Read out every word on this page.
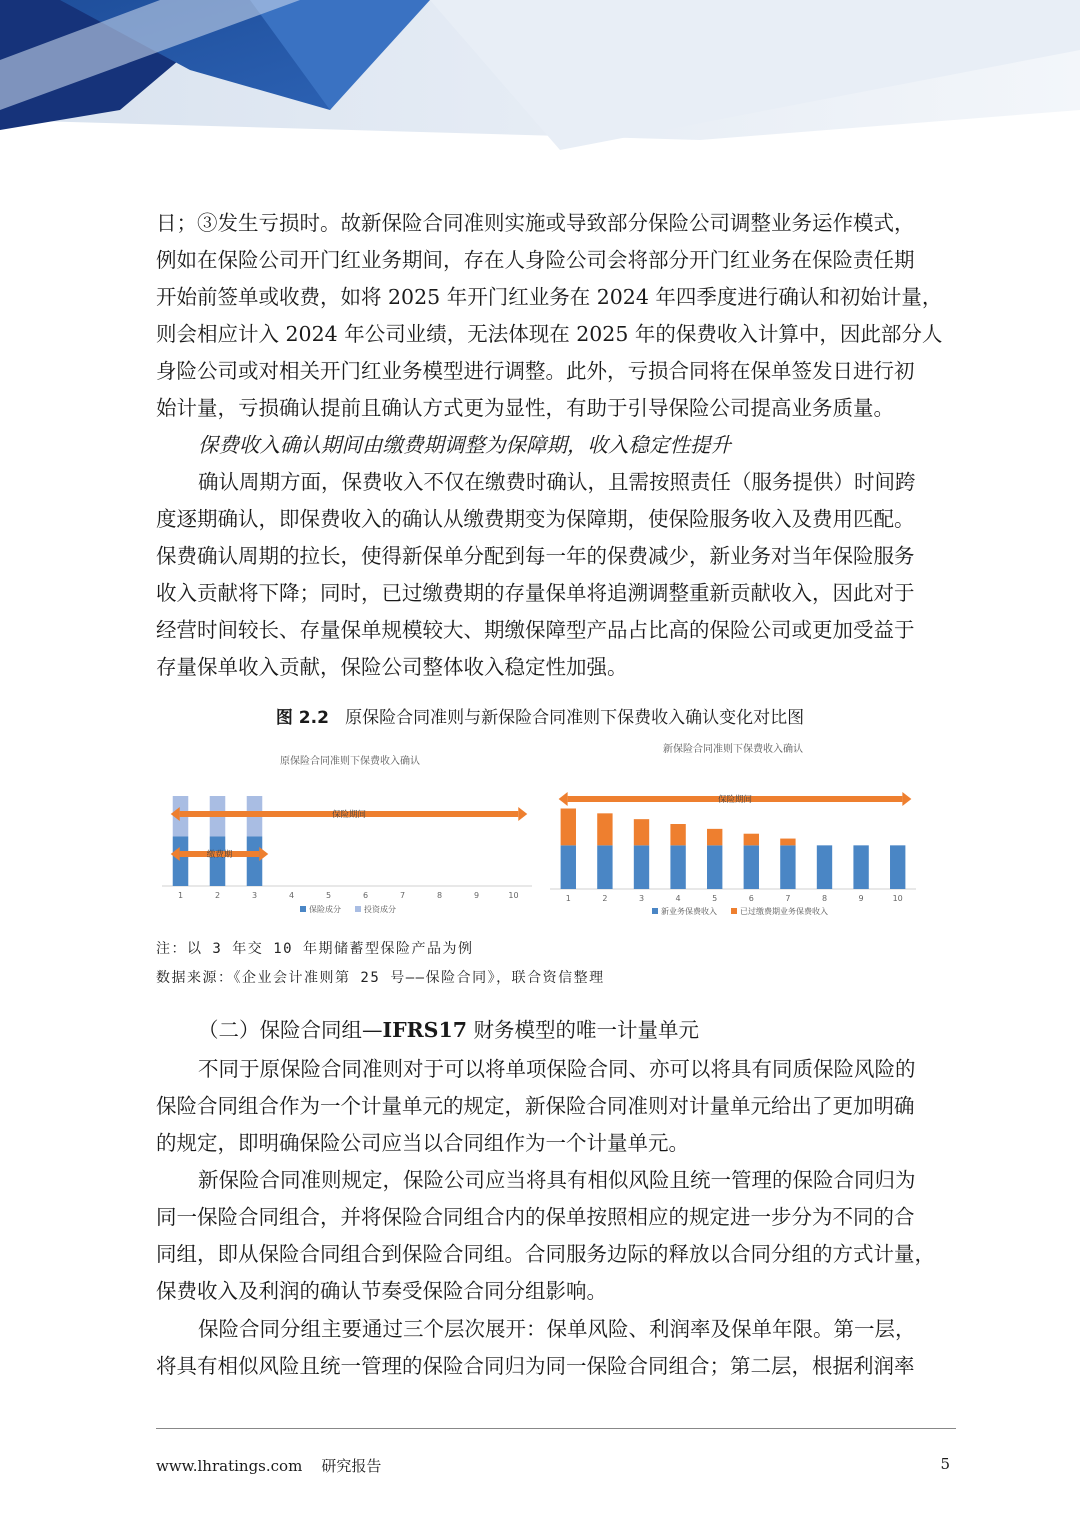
日；③发生亏损时。故新保险合同准则实施或导致部分保险公司调整业务运作模式，
例如在保险公司开门红业务期间，存在人身险公司会将部分开门红业务在保险责任期
开始前签单或收费，如将 2025 年开门红业务在 2024 年四季度进行确认和初始计量，
则会相应计入 2024 年公司业绩，无法体现在 2025 年的保费收入计算中，因此部分人
身险公司或对相关开门红业务模型进行调整。此外，亏损合同将在保单签发日进行初
始计量，亏损确认提前且确认方式更为显性，有助于引导保险公司提高业务质量。
保费收入确认期间由缴费期调整为保障期，收入稳定性提升
确认周期方面，保费收入不仅在缴费时确认，且需按照责任（服务提供）时间跨
度逐期确认，即保费收入的确认从缴费期变为保障期，使保险服务收入及费用匹配。
保费确认周期的拉长，使得新保单分配到每一年的保费减少，新业务对当年保险服务
收入贡献将下降；同时，已过缴费期的存量保单将追溯调整重新贡献收入，因此对于
经营时间较长、存量保单规模较大、期缴保障型产品占比高的保险公司或更加受益于
存量保单收入贡献，保险公司整体收入稳定性加强。
图 2.2 原保险合同准则与新保险合同准则下保费收入确认变化对比图
原保险合同准则下保费收入确认
1	2	3	4	5	6	7	8	9	10
保险期间
缴费期
保险成分	投资成分
新保险合同准则下保费收入确认
1	2	3	4	5	6	7	8	9	10
保险期间
新业务保费收入	已过缴费期业务保费收入
注：以 3 年交 10 年期储蓄型保险产品为例
数据来源：《企业会计准则第 25 号——保险合同》，联合资信整理
（二）保险合同组—IFRS17 财务模型的唯一计量单元
不同于原保险合同准则对于可以将单项保险合同、亦可以将具有同质保险风险的
保险合同组合作为一个计量单元的规定，新保险合同准则对计量单元给出了更加明确
的规定，即明确保险公司应当以合同组作为一个计量单元。
新保险合同准则规定，保险公司应当将具有相似风险且统一管理的保险合同归为
同一保险合同组合，并将保险合同组合内的保单按照相应的规定进一步分为不同的合
同组，即从保险合同组合到保险合同组。合同服务边际的释放以合同分组的方式计量，
保费收入及利润的确认节奏受保险合同分组影响。
保险合同分组主要通过三个层次展开：保单风险、利润率及保单年限。第一层，
将具有相似风险且统一管理的保险合同归为同一保险合同组合；第二层，根据利润率
www.lhratings.com 研究报告	5
